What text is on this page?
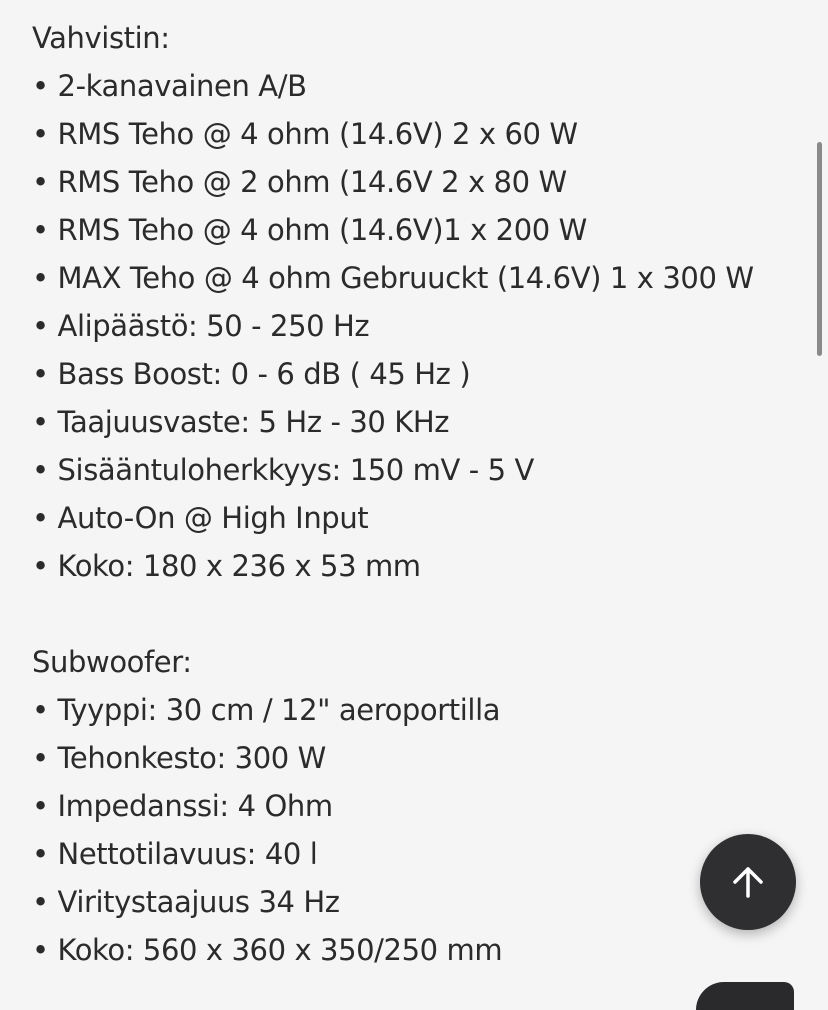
Vahvistin:
• 2-kanavainen A/B
• RMS Teho @ 4 ohm (14.6V) 2 x 60 W
• RMS Teho @ 2 ohm (14.6V 2 x 80 W
• RMS Teho @ 4 ohm (14.6V)1 x 200 W
• MAX Teho @ 4 ohm Gebruuckt (14.6V) 1 x 300 W
• Alipäästö: 50 - 250 Hz
• Bass Boost: 0 - 6 dB ( 45 Hz )
• Taajuusvaste: 5 Hz - 30 KHz
• Sisääntuloherkkyys: 150 mV - 5 V
• Auto-On @ High Input
• Koko: 180 x 236 x 53 mm
Subwoofer:
• Tyyppi: 30 cm / 12" aeroportilla
• Tehonkesto: 300 W
• Impedanssi: 4 Ohm
• Nettotilavuus: 40 l
• Viritystaajuus 34 Hz
• Koko: 560 x 360 x 350/250 mm
